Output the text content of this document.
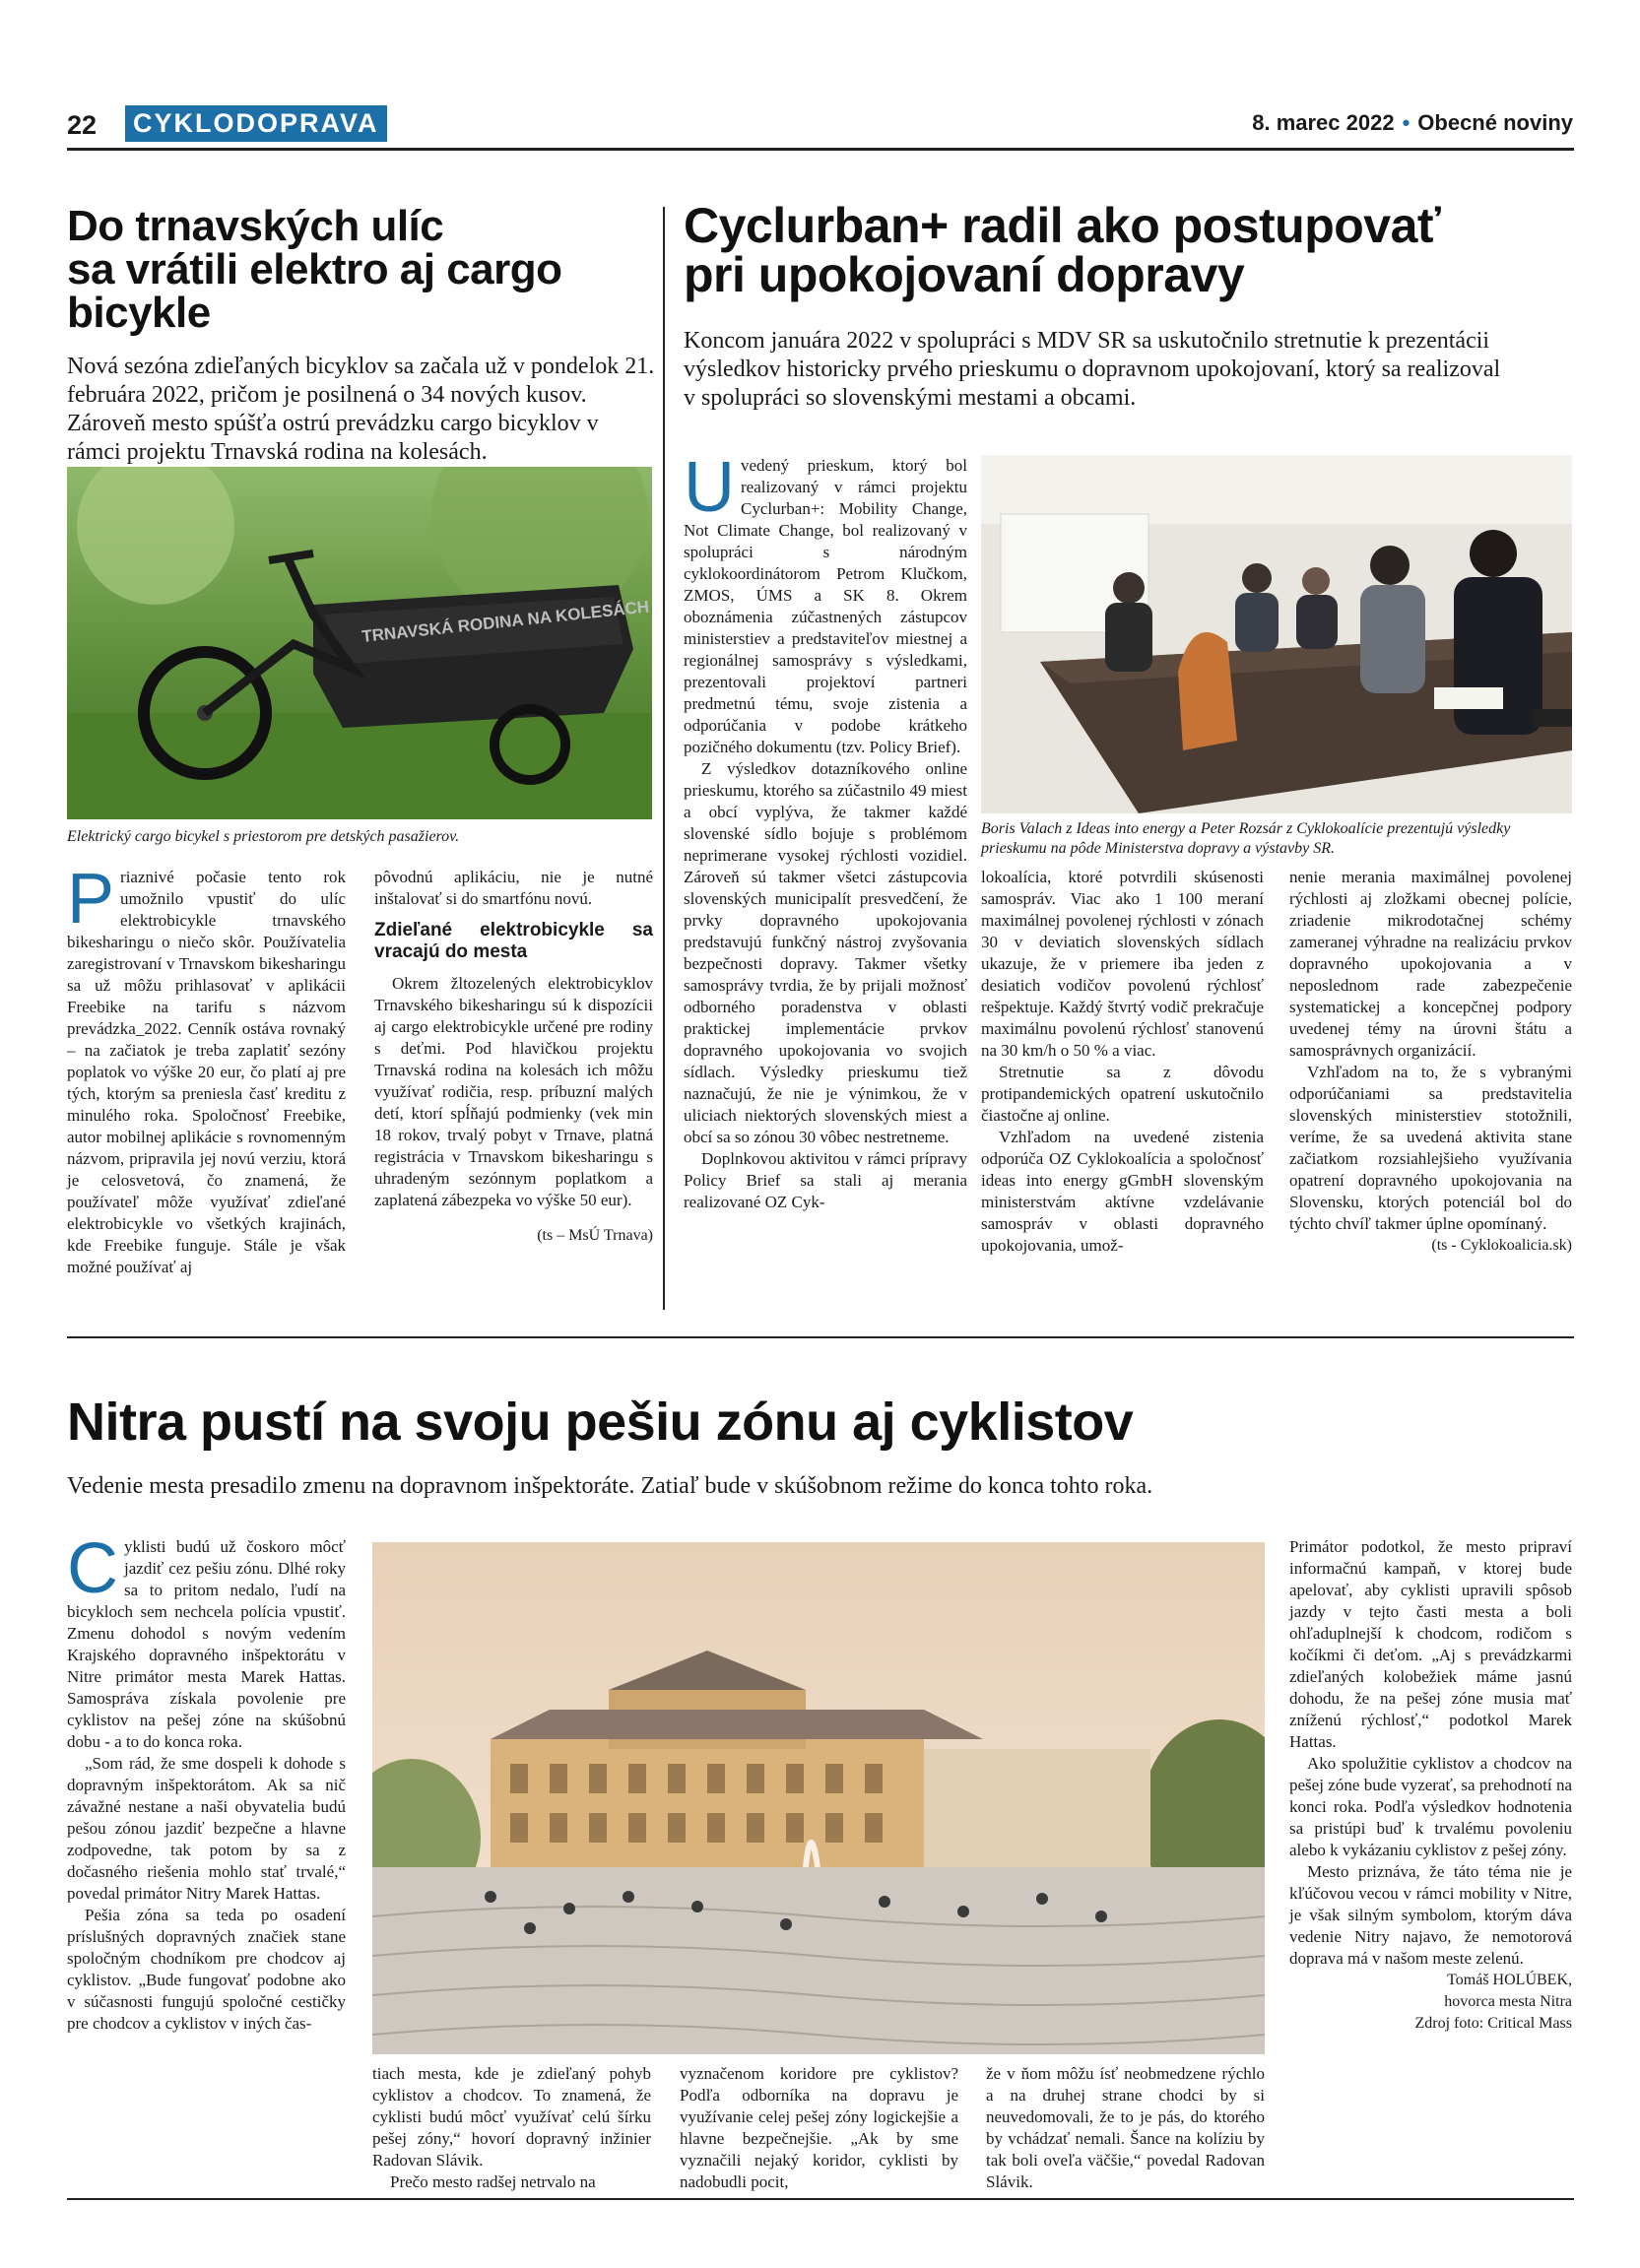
22 CYKLODOPRAVA	8. marec 2022 • Obecné noviny
Do trnavských ulíc
sa vrátili elektro aj cargo
bicykle

Nová sezóna zdieľaných bicyklov sa začala už v pondelok 21. februára 2022, pričom je posilnená o 34 nových kusov. Zároveň mesto spúšťa ostrú prevádzku cargo bicyklov v rámci projektu Trnavská rodina na kolesách.

TRNAVSKÁ RODINA NA KOLESÁCH

Elektrický cargo bicykel s priestorom pre detských pasažierov.

Priaznivé počasie tento rok umožnilo vpustiť do ulíc elektrobicykle trnavského bikesharingu o niečo skôr. Používatelia zaregistrovaní v Trnavskom bikesharingu sa už môžu prihlasovať v aplikácii Freebike na tarifu s názvom prevádzka_2022. Cenník ostáva rovnaký – na začiatok je treba zaplatiť sezóny poplatok vo výške 20 eur, čo platí aj pre tých, ktorým sa preniesla časť kreditu z minulého roka. Spoločnosť Freebike, autor mobilnej aplikácie s rovnomenným názvom, pripravila jej novú verziu, ktorá je celosvetová, čo znamená, že používateľ môže využívať zdieľané elektrobicykle vo všetkých krajinách, kde Freebike funguje. Stále je však možné používať aj

pôvodnú aplikáciu, nie je nutné inštalovať si do smartfónu novú.

Zdieľané elektrobicykle sa vracajú do mesta

Okrem žltozelených elektrobicyklov Trnavského bikesharingu sú k dispozícii aj cargo elektrobicykle určené pre rodiny s deťmi. Pod hlavičkou projektu Trnavská rodina na kolesách ich môžu využívať rodičia, resp. príbuzní malých detí, ktorí spĺňajú podmienky (vek min 18 rokov, trvalý pobyt v Trnave, platná registrácia v Trnavskom bikesharingu s uhradeným sezónnym poplatkom a zaplatená zábezpeka vo výške 50 eur).

(ts – MsÚ Trnava)

Cyclurban+ radil ako postupovať
pri upokojovaní dopravy

Koncom januára 2022 v spolupráci s MDV SR sa uskutočnilo stretnutie k prezentácii výsledkov historicky prvého prieskumu o dopravnom upokojovaní, ktorý sa realizoval v spolupráci so slovenskými mestami a obcami.

Uvedený prieskum, ktorý bol realizovaný v rámci projektu Cyclurban+: Mobility Change, Not Climate Change, bol realizovaný v spolupráci s národným cyklokoordinátorom Petrom Klučkom, ZMOS, ÚMS a SK 8. Okrem oboznámenia zúčastnených zástupcov ministerstiev a predstaviteľov miestnej a regionálnej samosprávy s výsledkami, prezentovali projektoví partneri predmetnú tému, svoje zistenia a odporúčania v podobe krátkeho pozičného dokumentu (tzv. Policy Brief).

Z výsledkov dotazníkového online prieskumu, ktorého sa zúčastnilo 49 miest a obcí vyplýva, že takmer každé slovenské sídlo bojuje s problémom neprimerane vysokej rýchlosti vozidiel. Zároveň sú takmer všetci zástupcovia slovenských municipalít presvedčení, že prvky dopravného upokojovania predstavujú funkčný nástroj zvyšovania bezpečnosti dopravy. Takmer všetky samosprávy tvrdia, že by prijali možnosť odborného poradenstva v oblasti praktickej implementácie prvkov dopravného upokojovania vo svojich sídlach. Výsledky prieskumu tiež naznačujú, že nie je výnimkou, že v uliciach niektorých slovenských miest a obcí sa so zónou 30 vôbec nestretneme.

Doplnkovou aktivitou v rámci prípravy Policy Brief sa stali aj merania realizované OZ Cyk-

Boris Valach z Ideas into energy a Peter Rozsár z Cyklokoalície prezentujú výsledky prieskumu na pôde Ministerstva dopravy a výstavby SR.

lokoalícia, ktoré potvrdili skúsenosti samospráv. Viac ako 1 100 meraní maximálnej povolenej rýchlosti v zónach 30 v deviatich slovenských sídlach ukazuje, že v priemere iba jeden z desiatich vodičov povolenú rýchlosť rešpektuje. Každý štvrtý vodič prekračuje maximálnu povolenú rýchlosť stanovenú na 30 km/h o 50 % a viac.

Stretnutie sa z dôvodu protipandemických opatrení uskutočnilo čiastočne aj online.

Vzhľadom na uvedené zistenia odporúča OZ Cyklokoalícia a spoločnosť ideas into energy gGmbH slovenským ministerstvám aktívne vzdelávanie samospráv v oblasti dopravného upokojovania, umož-

nenie merania maximálnej povolenej rýchlosti aj zložkami obecnej polície, zriadenie mikrodotačnej schémy zameranej výhradne na realizáciu prvkov dopravného upokojovania a v neposlednom rade zabezpečenie systematickej a koncepčnej podpory uvedenej témy na úrovni štátu a samosprávnych organizácií.

Vzhľadom na to, že s vybranými odporúčaniami sa predstavitelia slovenských ministerstiev stotožnili, veríme, že sa uvedená aktivita stane začiatkom rozsiahlejšieho využívania opatrení dopravného upokojovania na Slovensku, ktorých potenciál bol do týchto chvíľ takmer úplne opomínaný.

(ts - Cyklokoalicia.sk)

Nitra pustí na svoju pešiu zónu aj cyklistov

Vedenie mesta presadilo zmenu na dopravnom inšpektoráte. Zatiaľ bude v skúšobnom režime do konca tohto roka.

Cyklisti budú už čoskoro môcť jazdiť cez pešiu zónu. Dlhé roky sa to pritom nedalo, ľudí na bicykloch sem nechcela polícia vpustiť. Zmenu dohodol s novým vedením Krajského dopravného inšpektorátu v Nitre primátor mesta Marek Hattas. Samospráva získala povolenie pre cyklistov na pešej zóne na skúšobnú dobu - a to do konca roka.

„Som rád, že sme dospeli k dohode s dopravným inšpektorátom. Ak sa nič závažné nestane a naši obyvatelia budú pešou zónou jazdiť bezpečne a hlavne zodpovedne, tak potom by sa z dočasného riešenia mohlo stať trvalé,“ povedal primátor Nitry Marek Hattas.

Pešia zóna sa teda po osadení príslušných dopravných značiek stane spoločným chodníkom pre chodcov aj cyklistov. „Bude fungovať podobne ako v súčasnosti fungujú spoločné cestičky pre chodcov a cyklistov v iných čas-

tiach mesta, kde je zdieľaný pohyb cyklistov a chodcov. To znamená, že cyklisti budú môcť využívať celú šírku pešej zóny,“ hovorí dopravný inžinier Radovan Slávik.

Prečo mesto radšej netrvalo na

vyznačenom koridore pre cyklistov? Podľa odborníka na dopravu je využívanie celej pešej zóny logickejšie a hlavne bezpečnejšie. „Ak by sme vyznačili nejaký koridor, cyklisti by nadobudli pocit,

že v ňom môžu ísť neobmedzene rýchlo a na druhej strane chodci by si neuvedomovali, že to je pás, do ktorého by vchádzať nemali. Šance na kolíziu by tak boli oveľa väčšie,“ povedal Radovan Slávik.

Primátor podotkol, že mesto pripraví informačnú kampaň, v ktorej bude apelovať, aby cyklisti upravili spôsob jazdy v tejto časti mesta a boli ohľaduplnejší k chodcom, rodičom s kočíkmi či deťom. „Aj s prevádzkarmi zdieľaných kolobežiek máme jasnú dohodu, že na pešej zóne musia mať zníženú rýchlosť,“ podotkol Marek Hattas.

Ako spolužitie cyklistov a chodcov na pešej zóne bude vyzerať, sa prehodnotí na konci roka. Podľa výsledkov hodnotenia sa pristúpi buď k trvalému povoleniu alebo k vykázaniu cyklistov z pešej zóny.

Mesto priznáva, že táto téma nie je kľúčovou vecou v rámci mobility v Nitre, je však silným symbolom, ktorým dáva vedenie Nitry najavo, že nemotorová doprava má v našom meste zelenú.

Tomáš HOLÚBEK,

hovorca mesta Nitra

Zdroj foto: Critical Mass
